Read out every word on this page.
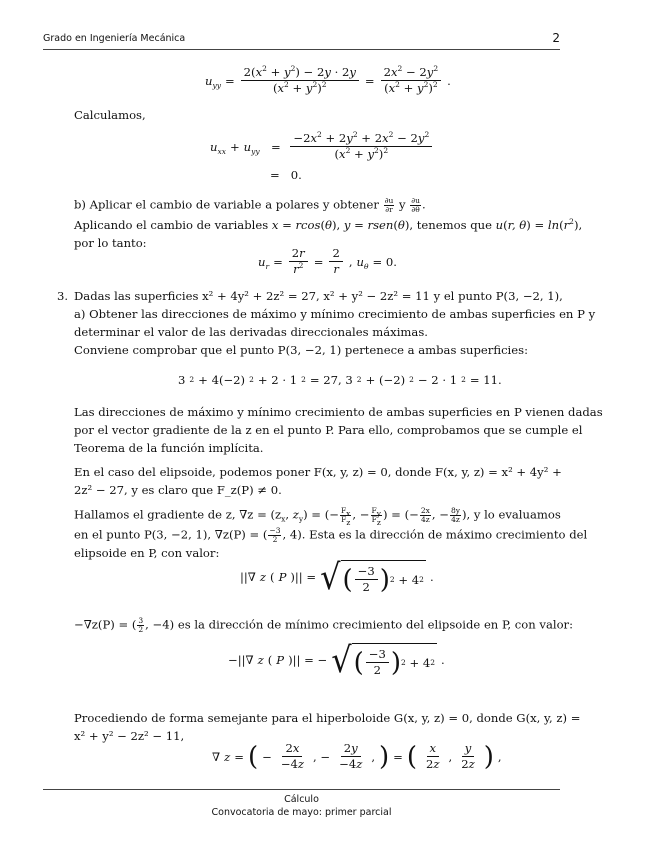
Grado en Ingeniería Mecánica	2
$u_{yy} = \frac{2(x^2 + y^2) - 2y \cdot 2y}{(x^2 + y^2)^2} = \frac{2x^2 - 2y^2}{(x^2 + y^2)^2}$ .
Calculamos,
$u_{xx} + u_{yy} = \frac{-2x^2 + 2y^2 + 2x^2 - 2y^2}{(x^2 + y^2)^2}$
=   0.
b) Aplicar el cambio de variable a polares y obtener $\frac{\partial u}{\partial r}$ y $\frac{\partial u}{\partial\theta}$ .
Aplicando el cambio de variables x = rcos(θ), y = rsen(θ), tenemos que u(r, $\theta) = \ln(r^2)$,
por lo tanto:
$u_r = \frac{2r}{r^2} = \frac{2}{r}$ , $u_\theta = 0$.
3. Dadas las superficies x² + 4y² + 2z² = 27, x² + y² − 2z² = 11 y el punto P(3, −2, 1),
a) Obtener las direcciones de máximo y mínimo crecimiento de ambas superficies en P y
determinar el valor de las derivadas direccionales máximas.
Conviene comprobar que el punto P(3, −2, 1) pertenece a ambas superficies:
3 2 + 4(−2) 2 + 2 · 1 2 = 27, 3 2 + (−2) 2 − 2 · 1 2 = 11.
Las direcciones de máximo y mínimo crecimiento de ambas superficies en P vienen dadas
por el vector gradiente de la z en el punto P. Para ello, comprobamos que se cumple el
Teorema de la función implícita.
En el caso del elipsoide, podemos poner F(x, y, z) = 0, donde F(x, y, z) = x² + 4y² +
2z² − 27, y es claro que F_z(P) ≠ 0.
Hallamos el gradiente de z, $\nabla z = (z_x$, $z_y$) = (− $\frac{F_x}{F_z}$ , − $\frac{F_y}{F_z}$ ) = (− $\frac{2x}{4z}$ , − $\frac{8y}{4z}$ ), y lo evaluamos
en el punto P(3, −2, 1), ∇z(P) = ( $\frac{-3}{2}$ , 4). Esta es la dirección de máximo crecimiento del
elipsoide en P, con valor:
||∇ z ( P )|| = √ ( $\frac{-3}{2}$ ) 2 + 4 2 .
−∇z(P) = ( $\frac{3}{2}$ , −4) es la dirección de mínimo crecimiento del elipsoide en P, con valor:
−||∇ z ( P )|| = − √ ( $\frac{-3}{2}$ ) 2 + 4 2 .
Procediendo de forma semejante para el hiperboloide G(x, y, z) = 0, donde G(x, y, z) =
x² + y² − 2z² − 11,
∇ z = ( − $\frac{2x}{-4z}$ , − $\frac{2y}{-4z}$ , ) = ( $\frac{x}{2z}$ , $\frac{y}{2z}$ ) ,
Cálculo
Convocatoria de mayo: primer parcial
